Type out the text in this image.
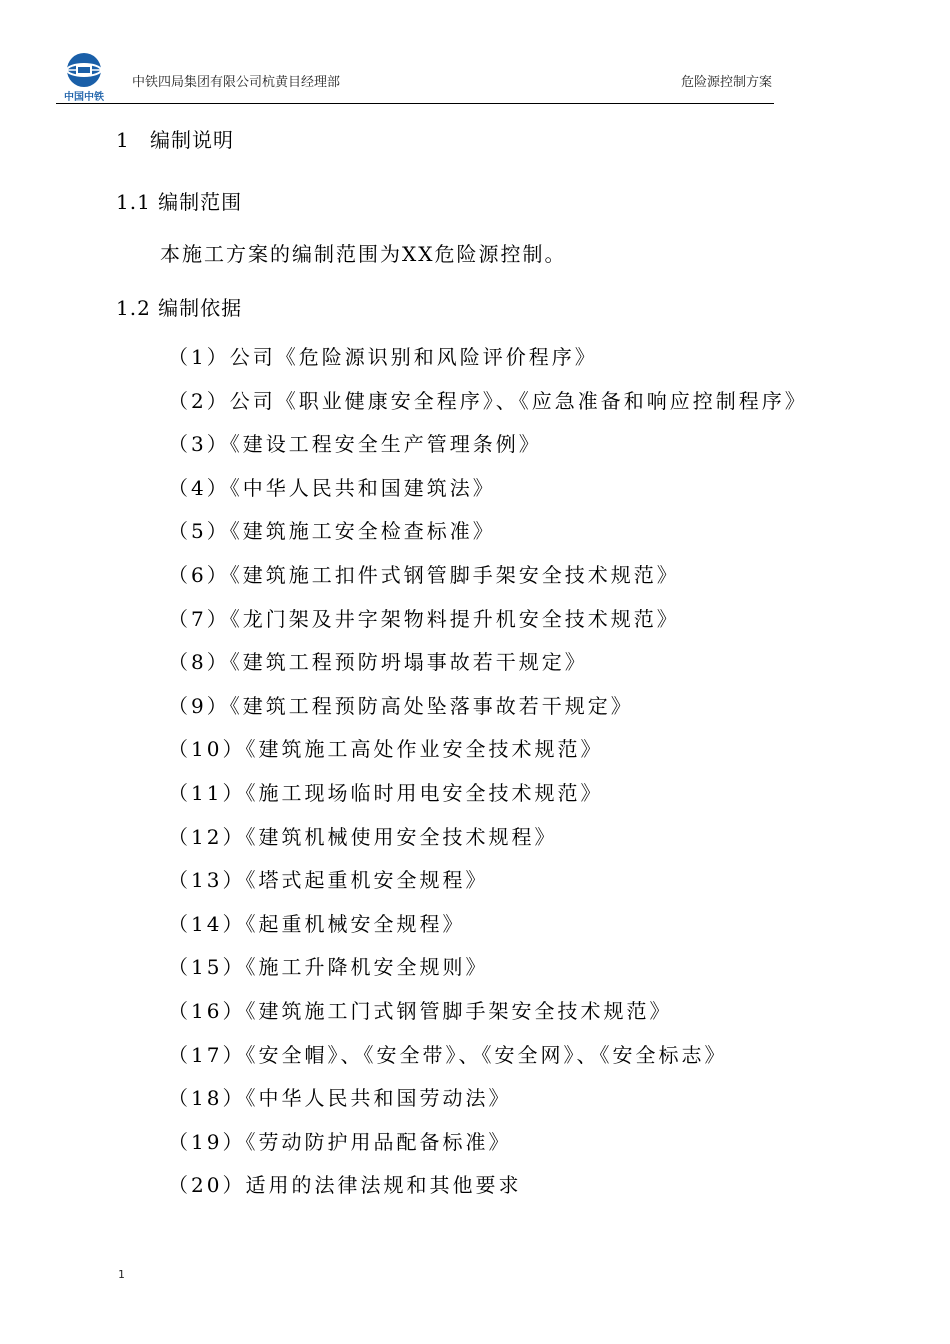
中国中铁
中铁四局集团有限公司杭黄目经理部	危险源控制方案
1 编制说明
1.1 编制范围
本施工方案的编制范围为XX危险源控制。
1.2 编制依据
（1）公司《危险源识别和风险评价程序》
（2）公司《职业健康安全程序》、《应急准备和响应控制程序》
（3）《建设工程安全生产管理条例》
（4）《中华人民共和国建筑法》
（5）《建筑施工安全检查标准》
（6）《建筑施工扣件式钢管脚手架安全技术规范》
（7）《龙门架及井字架物料提升机安全技术规范》
（8）《建筑工程预防坍塌事故若干规定》
（9）《建筑工程预防高处坠落事故若干规定》
（10）《建筑施工高处作业安全技术规范》
（11）《施工现场临时用电安全技术规范》
（12）《建筑机械使用安全技术规程》
（13）《塔式起重机安全规程》
（14）《起重机械安全规程》
（15）《施工升降机安全规则》
（16）《建筑施工门式钢管脚手架安全技术规范》
（17）《安全帽》、《安全带》、《安全网》、《安全标志》
（18）《中华人民共和国劳动法》
（19）《劳动防护用品配备标准》
（20）适用的法律法规和其他要求
1
